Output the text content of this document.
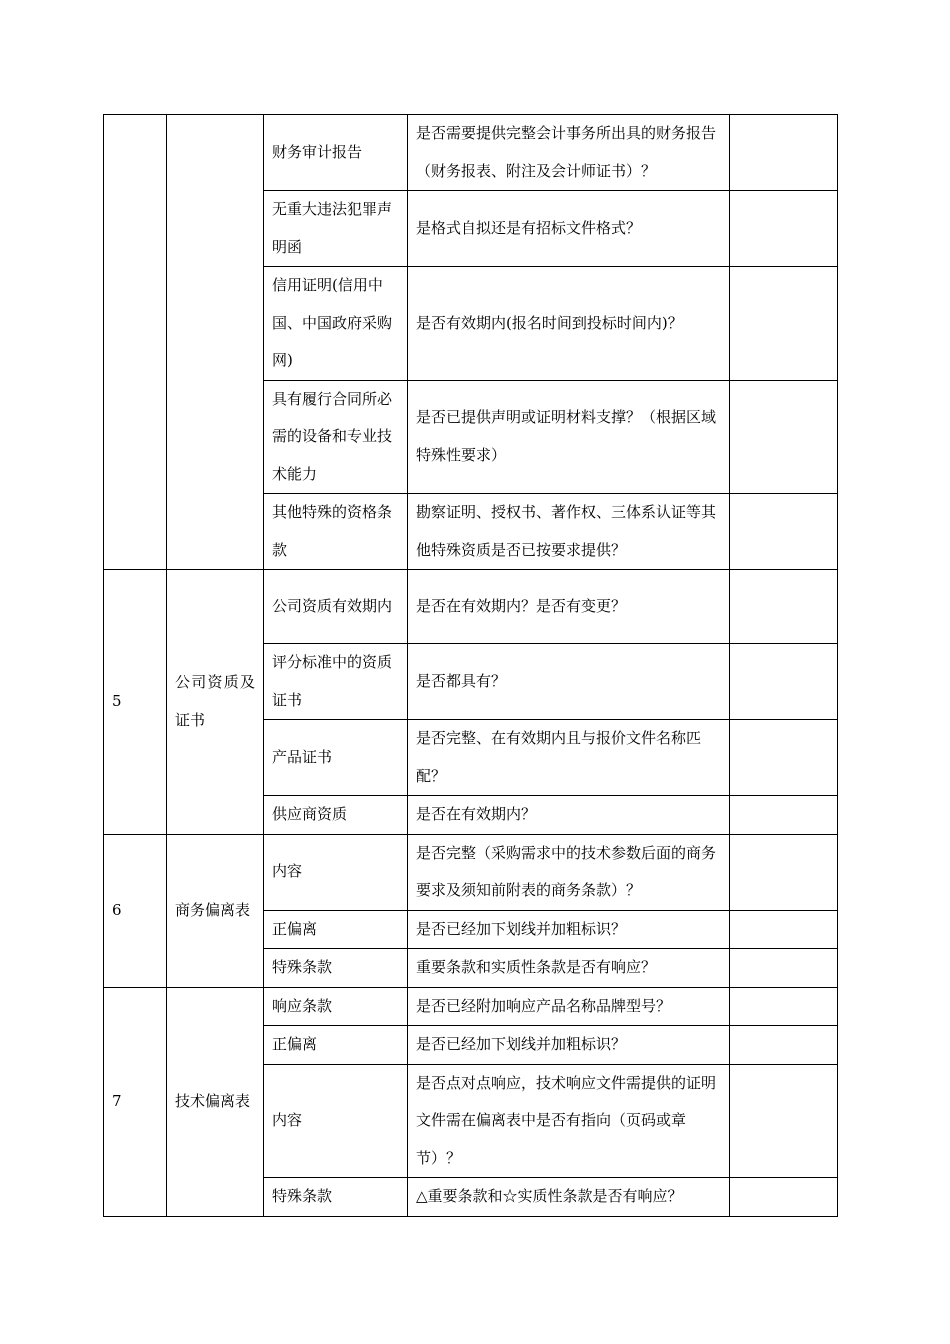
		财务审计报告	是否需要提供完整会计事务所出具的财务报告（财务报表、附注及会计师证书）？	
		无重大违法犯罪声明函	是格式自拟还是有招标文件格式？	
		信用证明(信用中国、中国政府采购网)	是否有效期内(报名时间到投标时间内)？	
		具有履行合同所必需的设备和专业技术能力	是否已提供声明或证明材料支撑？（根据区域特殊性要求）	
		其他特殊的资格条款	勘察证明、授权书、著作权、三体系认证等其他特殊资质是否已按要求提供？	
5	公司资质及证书	公司资质有效期内	是否在有效期内？是否有变更？	
		评分标准中的资质证书	是否都具有？	
		产品证书	是否完整、在有效期内且与报价文件名称匹配？	
		供应商资质	是否在有效期内？	
6	商务偏离表	内容	是否完整（采购需求中的技术参数后面的商务要求及须知前附表的商务条款）？	
		正偏离	是否已经加下划线并加粗标识？	
		特殊条款	重要条款和实质性条款是否有响应？	
7	技术偏离表	响应条款	是否已经附加响应产品名称品牌型号？	
		正偏离	是否已经加下划线并加粗标识？	
		内容	是否点对点响应，技术响应文件需提供的证明文件需在偏离表中是否有指向（页码或章节）？	
		特殊条款	△重要条款和☆实质性条款是否有响应？	
